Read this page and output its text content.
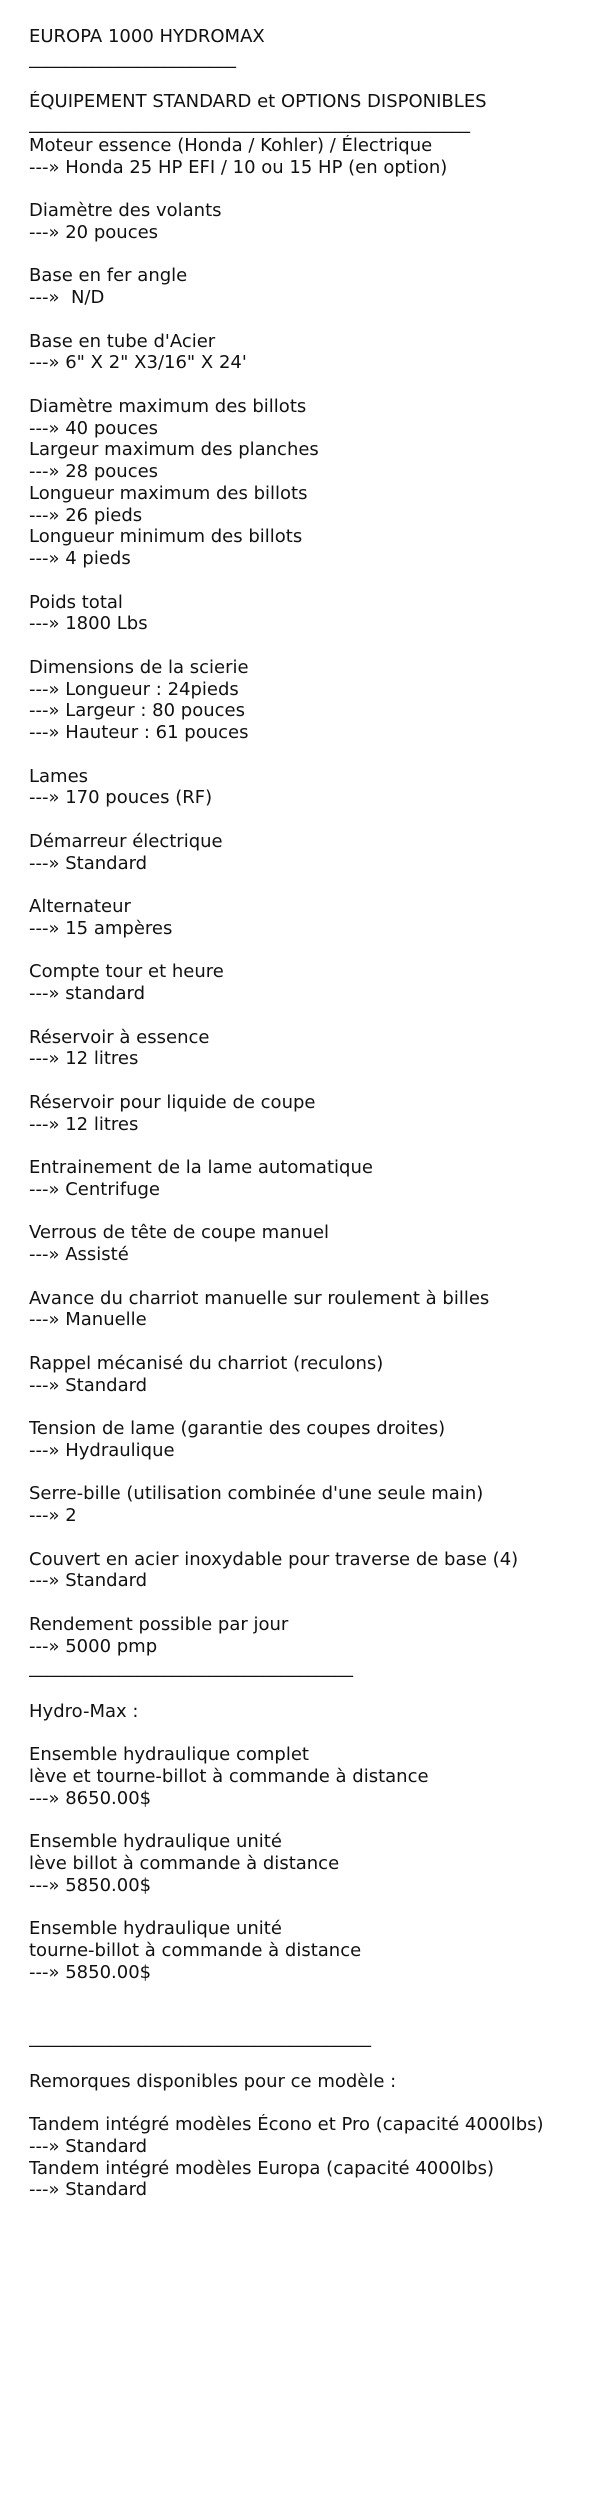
EUROPA 1000 HYDROMAX
_______________________
ÉQUIPEMENT STANDARD et OPTIONS DISPONIBLES
_________________________________________________
Moteur essence (Honda / Kohler) / Électrique
---» Honda 25 HP EFI / 10 ou 15 HP (en option)
Diamètre des volants
---» 20 pouces
Base en fer angle
---»  N/D
Base en tube d'Acier
---» 6" X 2" X3/16" X 24'
Diamètre maximum des billots
---» 40 pouces
Largeur maximum des planches
---» 28 pouces
Longueur maximum des billots
---» 26 pieds
Longueur minimum des billots
---» 4 pieds
Poids total
---» 1800 Lbs
Dimensions de la scierie
---» Longueur : 24pieds
---» Largeur : 80 pouces
---» Hauteur : 61 pouces
Lames
---» 170 pouces (RF)
Démarreur électrique
---» Standard
Alternateur
---» 15 ampères
Compte tour et heure
---» standard
Réservoir à essence
---» 12 litres
Réservoir pour liquide de coupe
---» 12 litres
Entrainement de la lame automatique
---» Centrifuge
Verrous de tête de coupe manuel
---» Assisté
Avance du charriot manuelle sur roulement à billes
---» Manuelle
Rappel mécanisé du charriot (reculons)
---» Standard
Tension de lame (garantie des coupes droites)
---» Hydraulique
Serre-bille (utilisation combinée d'une seule main)
---» 2
Couvert en acier inoxydable pour traverse de base (4)
---» Standard
Rendement possible par jour
---» 5000 pmp
____________________________________
Hydro-Max :
Ensemble hydraulique complet
lève et tourne-billot à commande à distance
---» 8650.00$
Ensemble hydraulique unité
lève billot à commande à distance
---» 5850.00$
Ensemble hydraulique unité
tourne-billot à commande à distance
---» 5850.00$
______________________________________
Remorques disponibles pour ce modèle :
Tandem intégré modèles Écono et Pro (capacité 4000lbs)
---» Standard
Tandem intégré modèles Europa (capacité 4000lbs)
---» Standard
